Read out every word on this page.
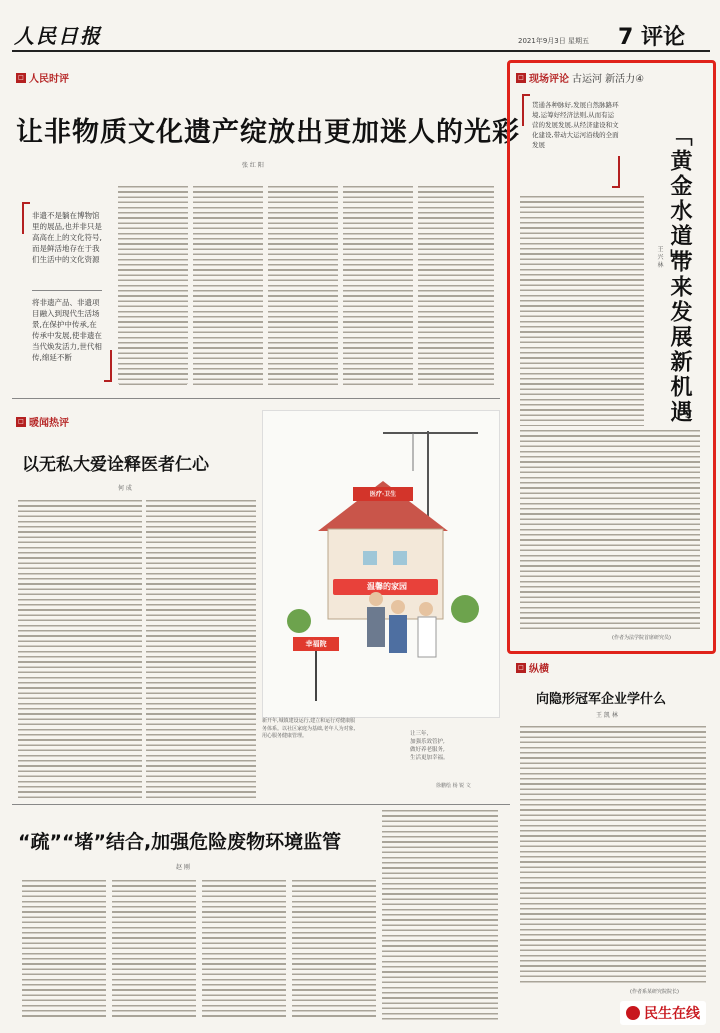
人民日报	2021年9月3日 星期五 7 评论
□ 人民时评
让非物质文化遗产绽放出更加迷人的光彩
张 红 阳
非遗不是躺在博物馆里的展品,也并非只是高高在上的文化符号,而是鲜活地存在于我们生活中的文化资源
将非遗产品、非遗项目融入到现代生活场景,在保护中传承,在传承中发展,使非遗在当代焕发活力,世代相传,绵延不断
□ 现场评论 古运河 新活力④
贯通各种脉好,发展自然脉路环境,运筹好经济法则,从而有运营的发展发展,从经济建设和文化建设,带动大运河沿线的全面发展	「黄金水道」
带来发展新机遇
王 兴 林
(作者为法学院首席研究员)
□ 暖闻热评
以无私大爱诠释医者仁心
何 成
温馨的家园
医疗·卫生
幸福院
新开年,城镇建设运行,建立和运行对健康服务体系。以社区家庭为基础,老年人为对象,用心服务健康管理。	让三年,
加强乐效管护,
做好养老服务,
生活更加幸福。
徐鹏绘 杨 锐 文
“疏”“堵”结合,加强危险废物环境监管
赵 刚
□ 纵横
向隐形冠军企业学什么
王 凯 林
(作者系某研究院院长)
民生在线
